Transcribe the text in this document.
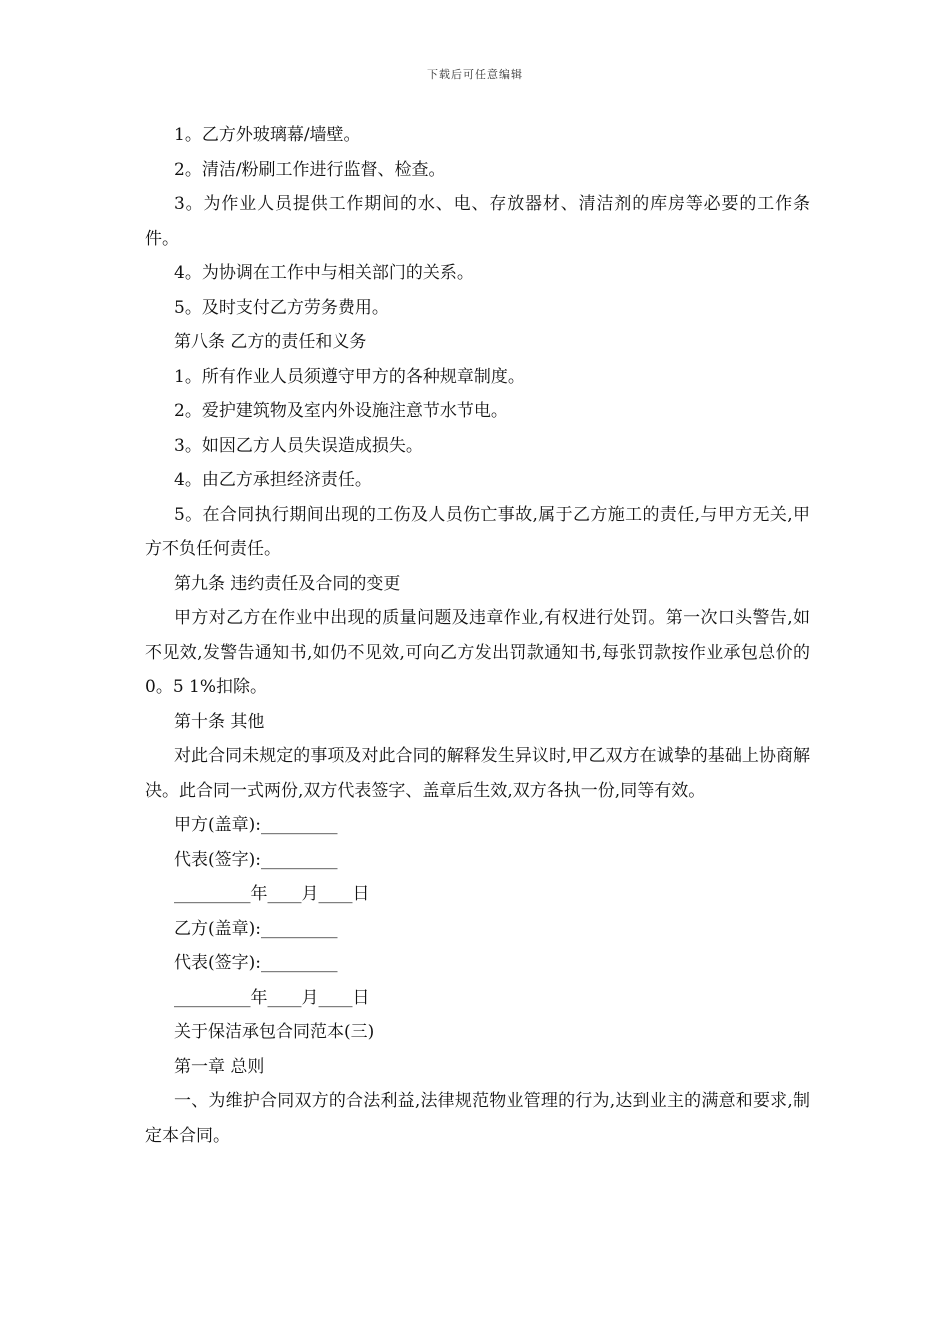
下载后可任意编辑
1。乙方外玻璃幕/墙壁。
2。清洁/粉刷工作进行监督、检查。

3。为作业人员提供工作期间的水、电、存放器材、清洁剂的库房等必要的工作条件。

4。为协调在工作中与相关部门的关系。
5。及时支付乙方劳务费用。
第八条 乙方的责任和义务
1。所有作业人员须遵守甲方的各种规章制度。
2。爱护建筑物及室内外设施注意节水节电。
3。如因乙方人员失误造成损失。
4。由乙方承担经济责任。

5。在合同执行期间出现的工伤及人员伤亡事故,属于乙方施工的责任,与甲方无关,甲方不负任何责任。

第九条 违约责任及合同的变更

甲方对乙方在作业中出现的质量问题及违章作业,有权进行处罚。第一次口头警告,如不见效,发警告通知书,如仍不见效,可向乙方发出罚款通知书,每张罚款按作业承包总价的0。5 1%扣除。

第十条 其他

对此合同未规定的事项及对此合同的解释发生异议时,甲乙双方在诚挚的基础上协商解决。此合同一式两份,双方代表签字、盖章后生效,双方各执一份,同等有效。

甲方(盖章):_________
代表(签字):_________
_________年____月____日
乙方(盖章):_________
代表(签字):_________
_________年____月____日
关于保洁承包合同范本(三)
第一章 总则

一、为维护合同双方的合法利益,法律规范物业管理的行为,达到业主的满意和要求,制定本合同。
